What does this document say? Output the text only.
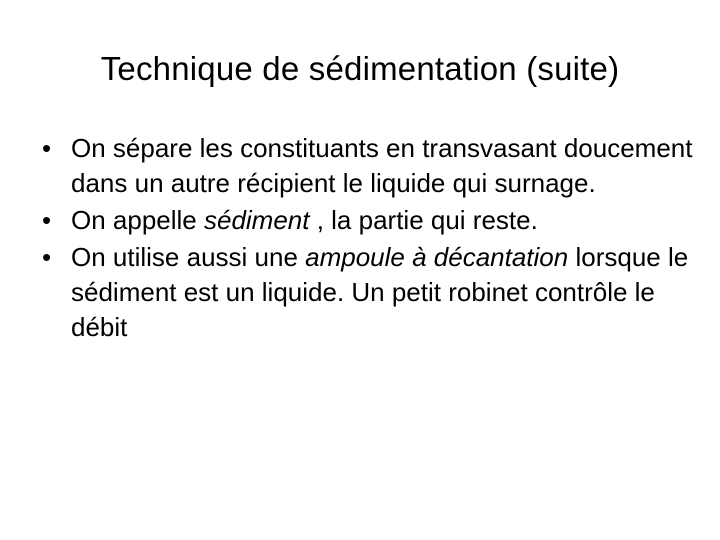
Technique de sédimentation (suite)
• On sépare les constituants en transvasant doucement dans un autre récipient le liquide qui surnage.
• On appelle sédiment , la partie qui reste.
• On utilise aussi une ampoule à décantation lorsque le sédiment est un liquide. Un petit robinet contrôle le débit
